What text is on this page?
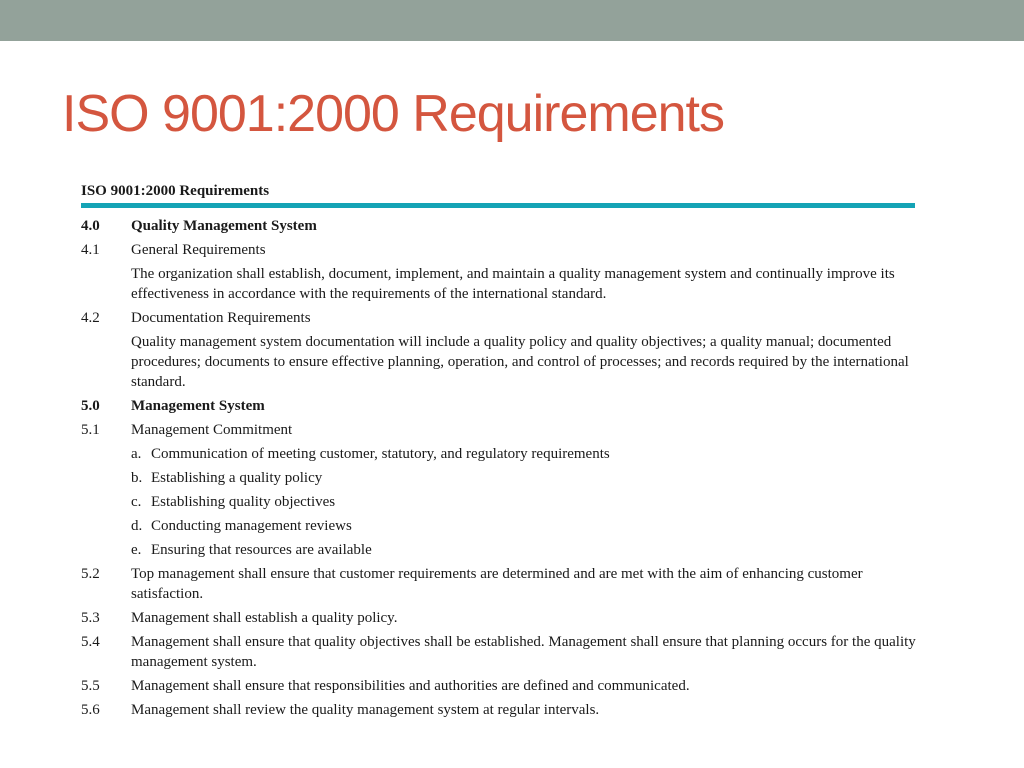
ISO 9001:2000 Requirements
ISO 9001:2000 Requirements
4.0	Quality Management System
4.1	General Requirements
The organization shall establish, document, implement, and maintain a quality management system and continually improve its effectiveness in accordance with the requirements of the international standard.
4.2	Documentation Requirements
Quality management system documentation will include a quality policy and quality objectives; a quality manual; documented procedures; documents to ensure effective planning, operation, and control of processes; and records required by the international standard.
5.0	Management System
5.1	Management Commitment
a. Communication of meeting customer, statutory, and regulatory requirements
b. Establishing a quality policy
c. Establishing quality objectives
d. Conducting management reviews
e. Ensuring that resources are available
5.2	Top management shall ensure that customer requirements are determined and are met with the aim of enhancing customer satisfaction.
5.3	Management shall establish a quality policy.
5.4	Management shall ensure that quality objectives shall be established. Management shall ensure that planning occurs for the quality management system.
5.5	Management shall ensure that responsibilities and authorities are defined and communicated.
5.6	Management shall review the quality management system at regular intervals.
